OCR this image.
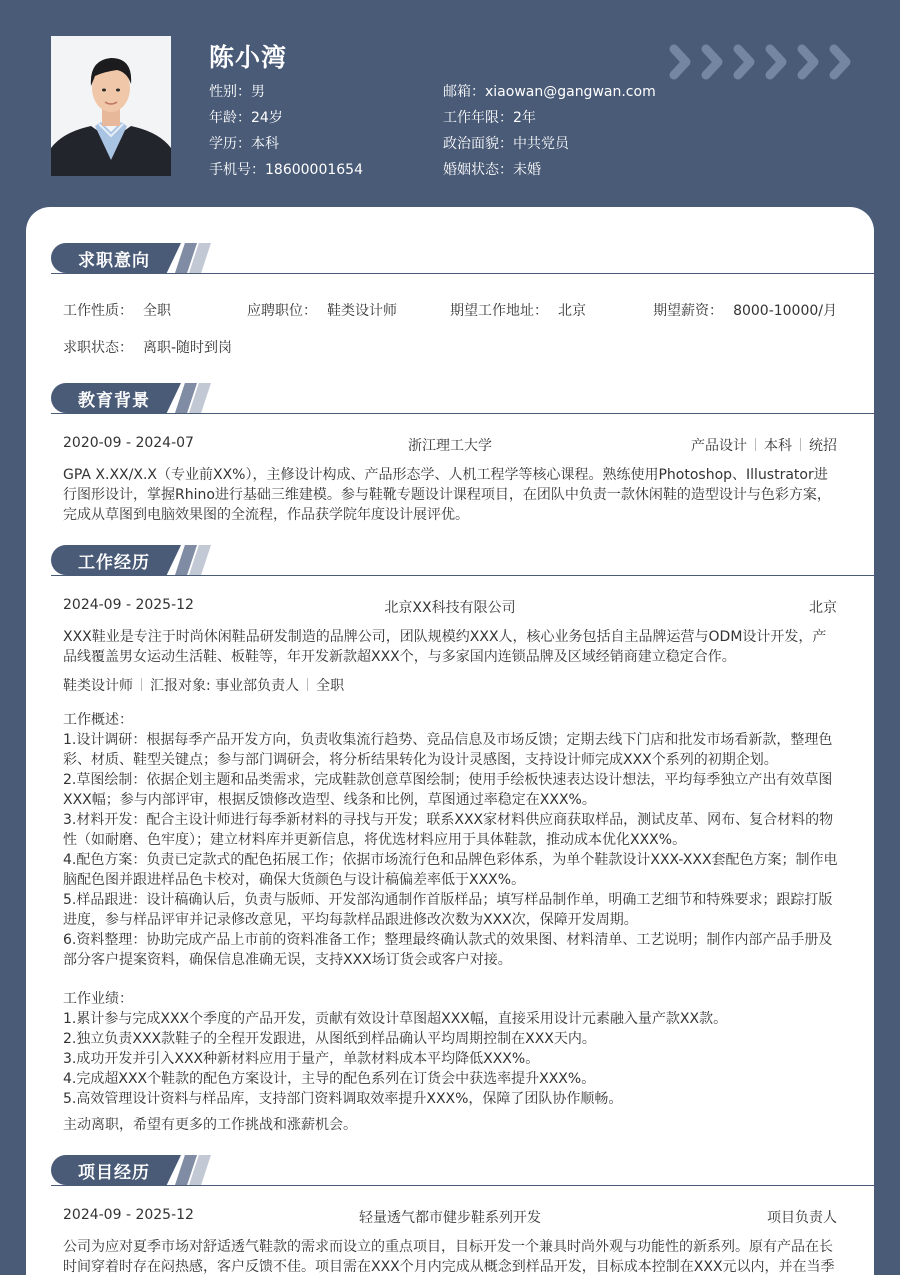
陈小湾
性别：男
年龄：24岁
学历：本科
手机号：18600001654
邮箱：xiaowan@gangwan.com
工作年限：2年
政治面貌：中共党员
婚姻状态：未婚
求职意向
工作性质： 全职	应聘职位： 鞋类设计师	期望工作地址： 北京	期望薪资： 8000-10000/月
求职状态： 离职-随时到岗
教育背景
2020-09 - 2024-07	浙江理工大学	产品设计 本科 统招
GPA X.XX/X.X（专业前XX%），主修设计构成、产品形态学、人机工程学等核心课程。熟练使用Photoshop、Illustrator进
行图形设计，掌握Rhino进行基础三维建模。参与鞋靴专题设计课程项目，在团队中负责一款休闲鞋的造型设计与色彩方案，
完成从草图到电脑效果图的全流程，作品获学院年度设计展评优。
工作经历
2024-09 - 2025-12	北京XX科技有限公司	北京
XXX鞋业是专注于时尚休闲鞋品研发制造的品牌公司，团队规模约XXX人，核心业务包括自主品牌运营与ODM设计开发，产
品线覆盖男女运动生活鞋、板鞋等，年开发新款超XXX个，与多家国内连锁品牌及区域经销商建立稳定合作。
鞋类设计师 汇报对象: 事业部负责人 全职
工作概述：
1.设计调研：根据每季产品开发方向，负责收集流行趋势、竞品信息及市场反馈；定期去线下门店和批发市场看新款，整理色
彩、材质、鞋型关键点；参与部门调研会，将分析结果转化为设计灵感图，支持设计师完成XXX个系列的初期企划。
2.草图绘制：依据企划主题和品类需求，完成鞋款创意草图绘制；使用手绘板快速表达设计想法，平均每季独立产出有效草图
XXX幅；参与内部评审，根据反馈修改造型、线条和比例，草图通过率稳定在XXX%。
3.材料开发：配合主设计师进行每季新材料的寻找与开发；联系XXX家材料供应商获取样品，测试皮革、网布、复合材料的物
性（如耐磨、色牢度）；建立材料库并更新信息，将优选材料应用于具体鞋款，推动成本优化XXX%。
4.配色方案：负责已定款式的配色拓展工作；依据市场流行色和品牌色彩体系，为单个鞋款设计XXX-XXX套配色方案；制作电
脑配色图并跟进样品色卡校对，确保大货颜色与设计稿偏差率低于XXX%。
5.样品跟进：设计稿确认后，负责与版师、开发部沟通制作首版样品；填写样品制作单，明确工艺细节和特殊要求；跟踪打版
进度，参与样品评审并记录修改意见，平均每款样品跟进修改次数为XXX次，保障开发周期。
6.资料整理：协助完成产品上市前的资料准备工作；整理最终确认款式的效果图、材料清单、工艺说明；制作内部产品手册及
部分客户提案资料，确保信息准确无误，支持XXX场订货会或客户对接。
工作业绩：
1.累计参与完成XXX个季度的产品开发，贡献有效设计草图超XXX幅，直接采用设计元素融入量产款XX款。
2.独立负责XXX款鞋子的全程开发跟进，从图纸到样品确认平均周期控制在XXX天内。
3.成功开发并引入XXX种新材料应用于量产，单款材料成本平均降低XXX%。
4.完成超XXX个鞋款的配色方案设计，主导的配色系列在订货会中获选率提升XXX%。
5.高效管理设计资料与样品库，支持部门资料调取效率提升XXX%，保障了团队协作顺畅。
主动离职，希望有更多的工作挑战和涨薪机会。
项目经历
2024-09 - 2025-12	轻量透气都市健步鞋系列开发	项目负责人
公司为应对夏季市场对舒适透气鞋款的需求而设立的重点项目，目标开发一个兼具时尚外观与功能性的新系列。原有产品在长
时间穿着时存在闷热感，客户反馈不佳。项目需在XXX个月内完成从概念到样品开发，目标成本控制在XXX元以内，并在当季
